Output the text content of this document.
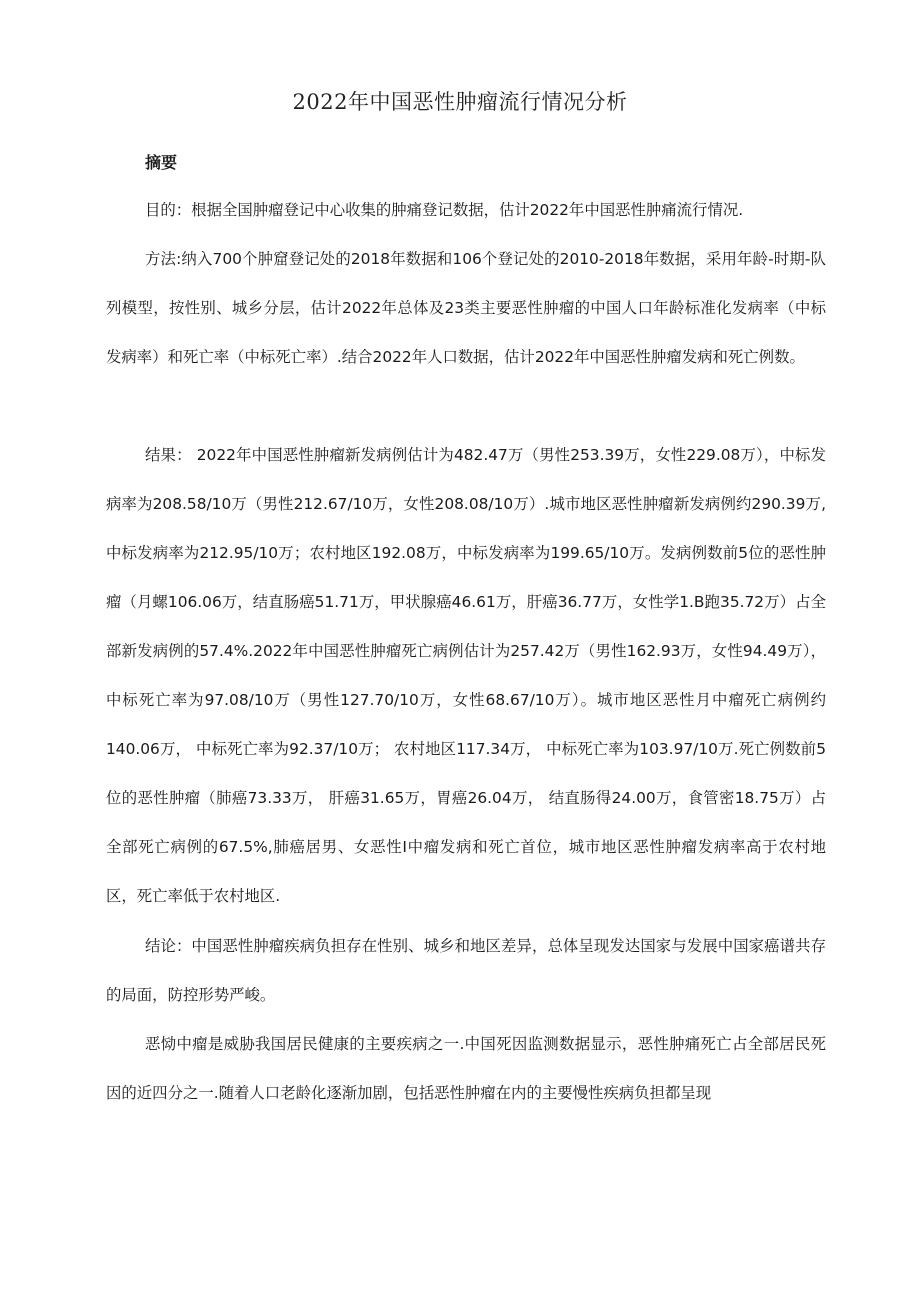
2022年中国恶性肿瘤流行情况分析
摘要

目的：根据全国肿瘤登记中心收集的肿痛登记数据，估计2022年中国恶性肿痛流行情况.

方法:纳入700个肿窟登记处的2018年数据和106个登记处的2010-2018年数据，采用年龄-时期-队列模型，按性别、城乡分层，估计2022年总体及23类主要恶性肿瘤的中国人口年龄标准化发病率（中标发病率）和死亡率（中标死亡率）.结合2022年人口数据，估计2022年中国恶性肿瘤发病和死亡例数。

结果： 2022年中国恶性肿瘤新发病例估计为482.47万（男性253.39万，女性229.08万），中标发病率为208.58/10万（男性212.67/10万，女性208.08/10万）.城市地区恶性肿瘤新发病例约290.39万,中标发病率为212.95/10万；农村地区192.08万，中标发病率为199.65/10万。发病例数前5位的恶性肿瘤（月螺106.06万，结直肠癌51.71万，甲状腺癌46.61万，肝癌36.77万，女性学1.B跑35.72万）占全部新发病例的57.4%.2022年中国恶性肿瘤死亡病例估计为257.42万（男性162.93万，女性94.49万），中标死亡率为97.08/10万（男性127.70/10万，女性68.67/10万）。城市地区恶性月中瘤死亡病例约140.06万， 中标死亡率为92.37/10万； 农村地区117.34万， 中标死亡率为103.97/10万.死亡例数前5位的恶性肿瘤（肺癌73.33万， 肝癌31.65万，胃癌26.04万， 结直肠得24.00万，食管密18.75万）占全部死亡病例的67.5%,肺癌居男、女恶性I中瘤发病和死亡首位，城市地区恶性肿瘤发病率高于农村地区，死亡率低于农村地区.

结论：中国恶性肿瘤疾病负担存在性别、城乡和地区差异，总体呈现发达国家与发展中国家癌谱共存的局面，防控形势严峻。

恶恸中瘤是威胁我国居民健康的主要疾病之一.中国死因监测数据显示，恶性肿痛死亡占全部居民死因的近四分之一.随着人口老龄化逐渐加剧，包括恶性肿瘤在内的主要慢性疾病负担都呈现
